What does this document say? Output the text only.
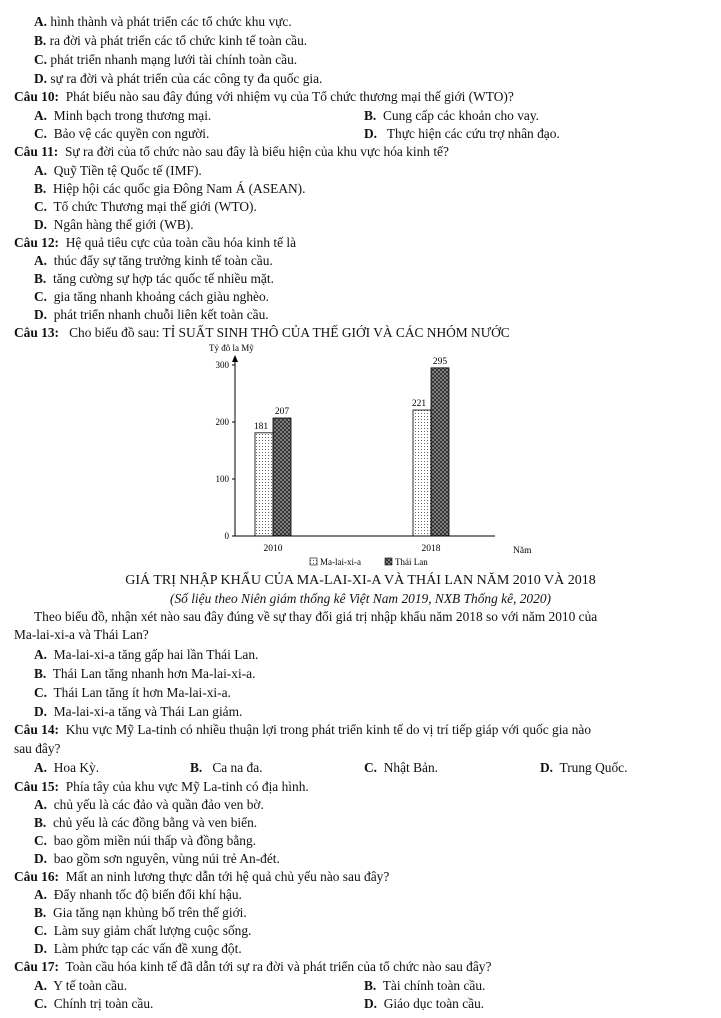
A. hình thành và phát triển các tổ chức khu vực.
B. ra đời và phát triển các tổ chức kinh tế toàn cầu.
C. phát triển nhanh mạng lưới tài chính toàn cầu.
D. sự ra đời và phát triển của các công ty đa quốc gia.
Câu 10: Phát biểu nào sau đây đúng với nhiệm vụ của Tổ chức thương mại thế giới (WTO)?
A. Minh bạch trong thương mại.	B. Cung cấp các khoản cho vay.
C. Bảo vệ các quyền con người.	D. Thực hiện các cứu trợ nhân đạo.
Câu 11: Sự ra đời của tổ chức nào sau đây là biểu hiện của khu vực hóa kinh tế?
A. Quỹ Tiền tệ Quốc tế (IMF).
B. Hiệp hội các quốc gia Đông Nam Á (ASEAN).
C. Tổ chức Thương mại thế giới (WTO).
D. Ngân hàng thế giới (WB).
Câu 12: Hệ quả tiêu cực của toàn cầu hóa kinh tế là
A. thúc đẩy sự tăng trưởng kinh tế toàn cầu.
B. tăng cường sự hợp tác quốc tế nhiều mặt.
C. gia tăng nhanh khoảng cách giàu nghèo.
D. phát triển nhanh chuỗi liên kết toàn cầu.
Câu 13: Cho biểu đồ sau: TỈ SUẤT SINH THÔ CỦA THẾ GIỚI VÀ CÁC NHÓM NƯỚC
Tỷ đô la Mỹ
0
100
200
300
181
207
221
295
2010	2018	Năm
Ma-lai-xi-a	Thái Lan
GIÁ TRỊ NHẬP KHẨU CỦA MA-LAI-XI-A VÀ THÁI LAN NĂM 2010 VÀ 2018
(Số liệu theo Niên giám thống kê Việt Nam 2019, NXB Thống kê, 2020)
Theo biểu đồ, nhận xét nào sau đây đúng về sự thay đổi giá trị nhập khẩu năm 2018 so với năm 2010 của
Ma-lai-xi-a và Thái Lan?
A. Ma-lai-xi-a tăng gấp hai lần Thái Lan.
B. Thái Lan tăng nhanh hơn Ma-lai-xi-a.
C. Thái Lan tăng ít hơn Ma-lai-xi-a.
D. Ma-lai-xi-a tăng và Thái Lan giảm.
Câu 14: Khu vực Mỹ La-tinh có nhiều thuận lợi trong phát triển kinh tế do vị trí tiếp giáp với quốc gia nào
sau đây?
A. Hoa Kỳ.	B. Ca na đa.	C. Nhật Bản.	D. Trung Quốc.
Câu 15: Phía tây của khu vực Mỹ La-tinh có địa hình.
A. chủ yếu là các đảo và quần đảo ven bờ.
B. chủ yếu là các đồng bằng và ven biển.
C. bao gồm miền núi thấp và đồng bằng.
D. bao gồm sơn nguyên, vùng núi trẻ An-đét.
Câu 16: Mất an ninh lương thực dẫn tới hệ quả chủ yếu nào sau đây?
A. Đẩy nhanh tốc độ biến đổi khí hậu.
B. Gia tăng nạn khủng bố trên thế giới.
C. Làm suy giảm chất lượng cuộc sống.
D. Làm phức tạp các vấn đề xung đột.
Câu 17: Toàn cầu hóa kinh tế đã dẫn tới sự ra đời và phát triển của tổ chức nào sau đây?
A. Y tế toàn cầu.	B. Tài chính toàn cầu.
C. Chính trị toàn cầu.	D. Giáo dục toàn cầu.
